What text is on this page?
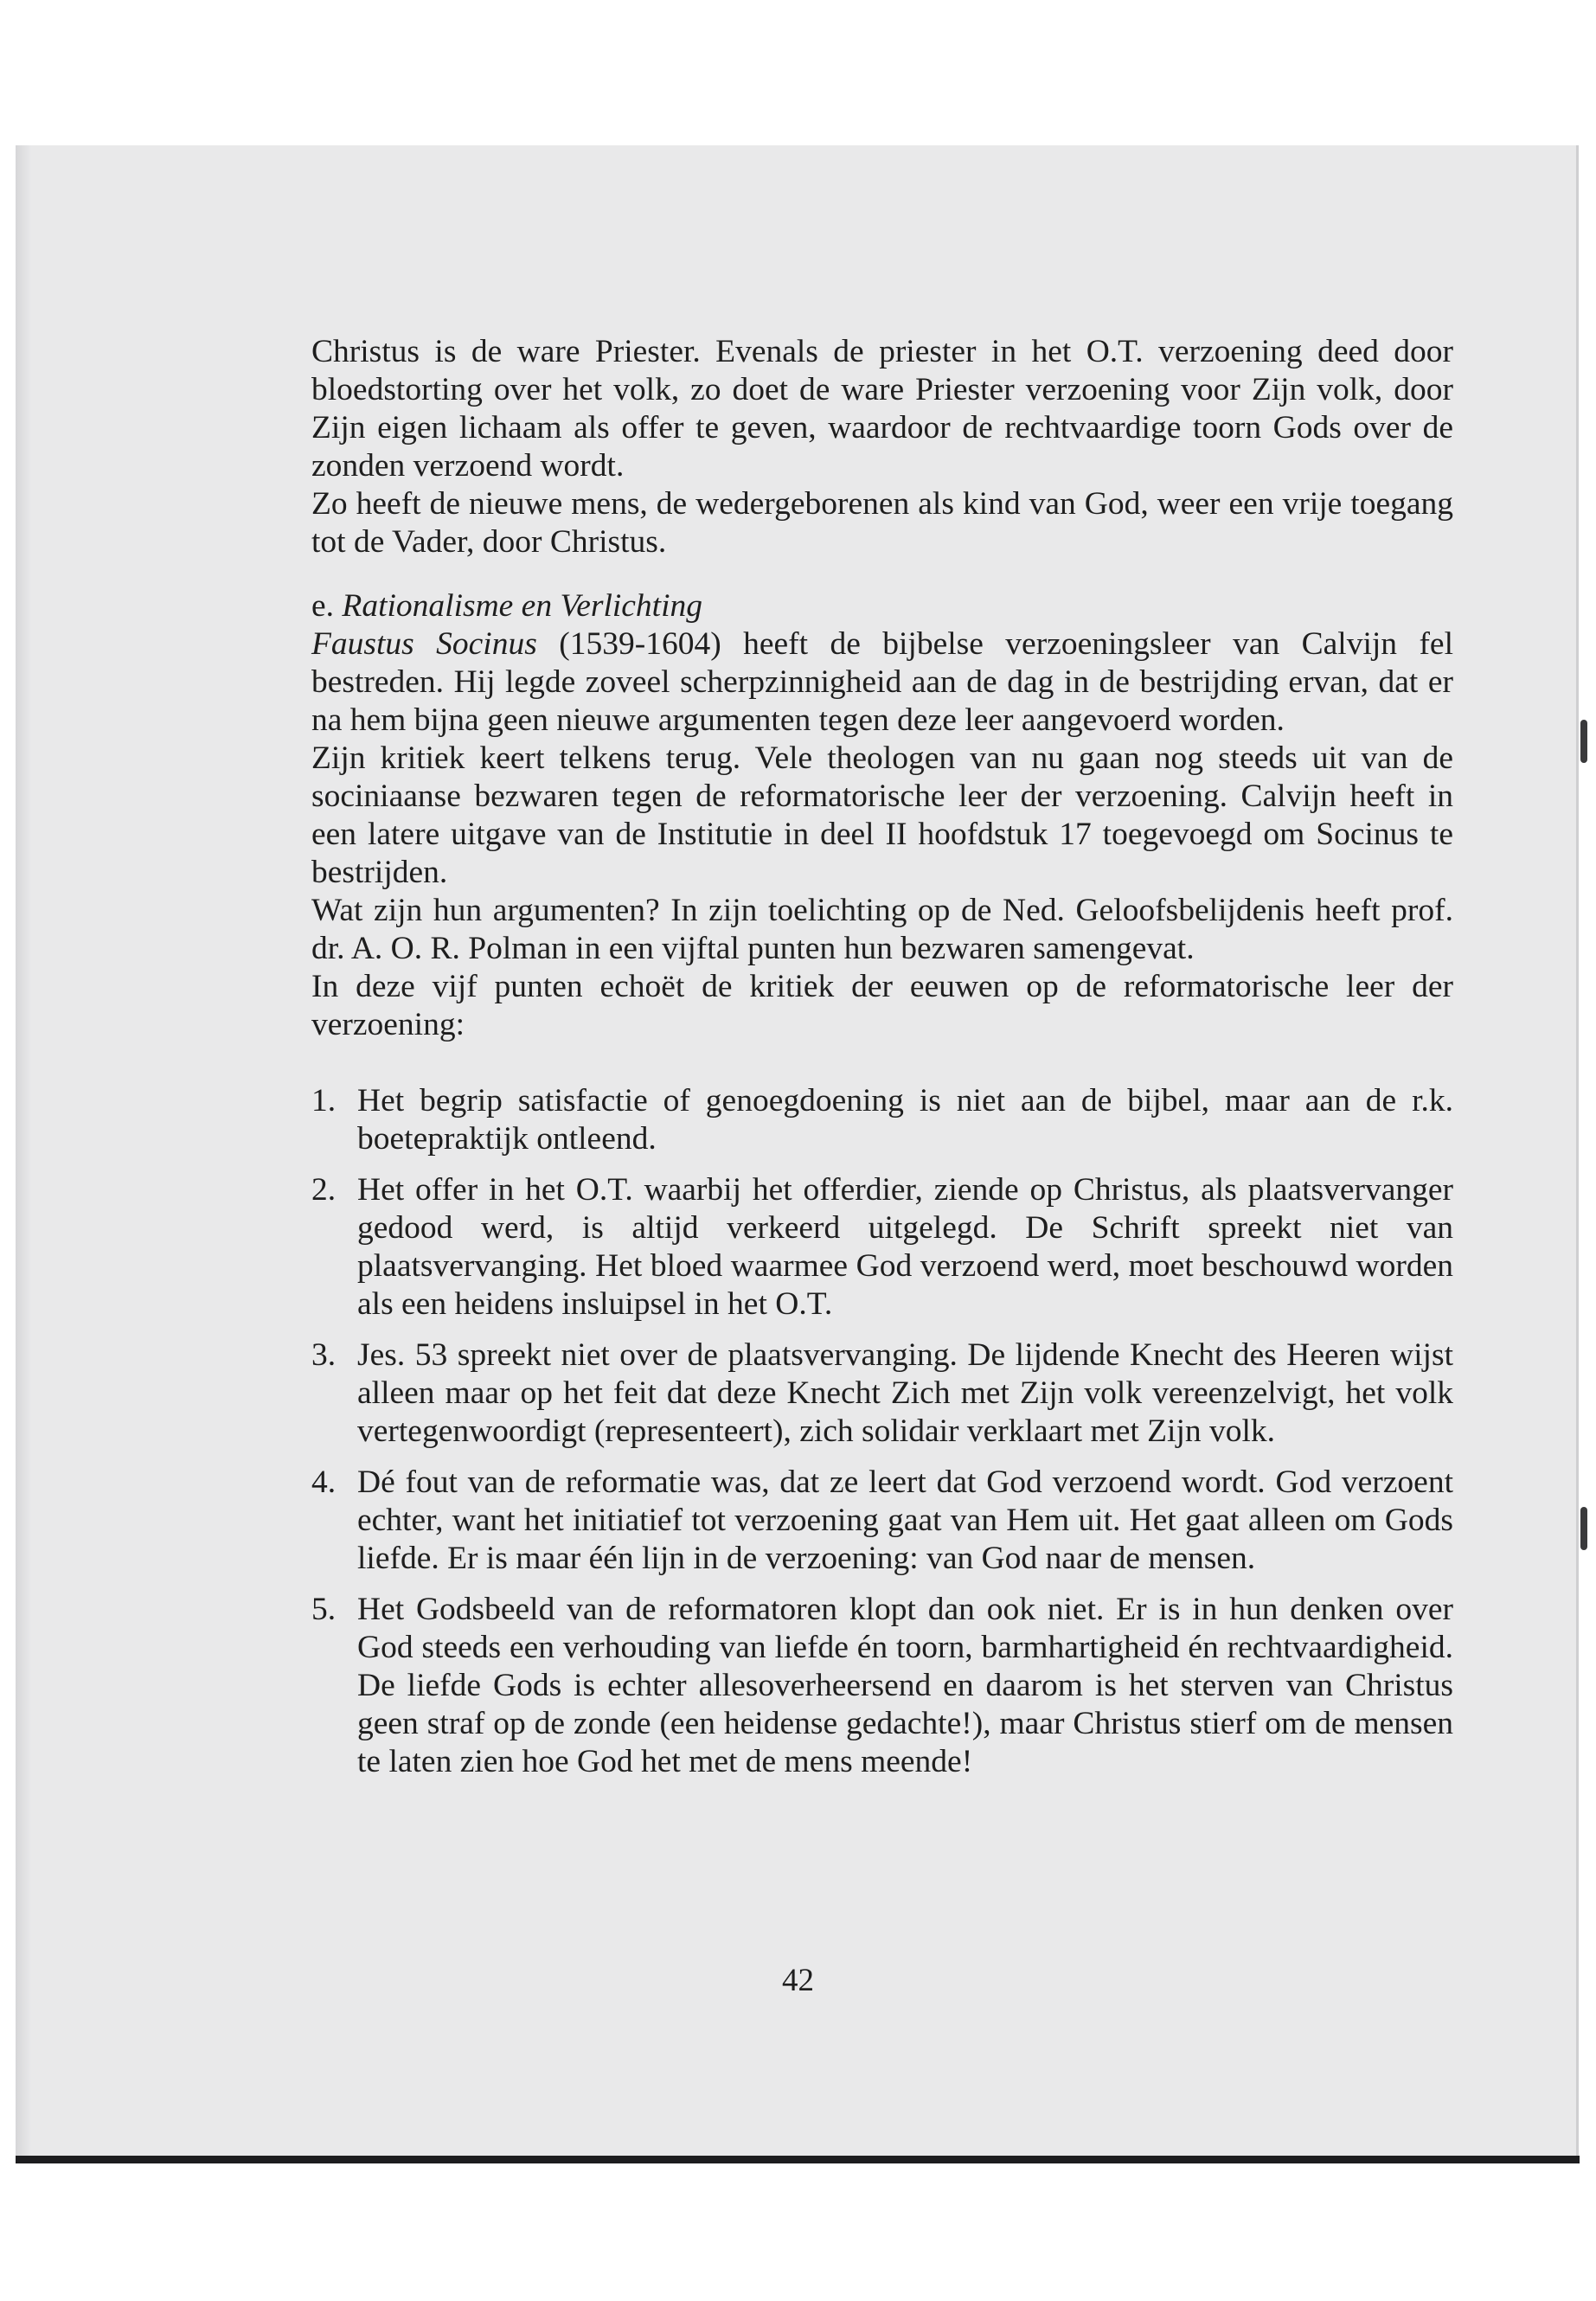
Christus is de ware Priester. Evenals de priester in het O.T. verzoening deed door bloedstorting over het volk, zo doet de ware Priester verzoening voor Zijn volk, door Zijn eigen lichaam als offer te geven, waardoor de rechtvaardige toorn Gods over de zonden verzoend wordt.

Zo heeft de nieuwe mens, de wedergeborenen als kind van God, weer een vrije toegang tot de Vader, door Christus.

e. Rationalisme en Verlichting

Faustus Socinus (1539-1604) heeft de bijbelse verzoeningsleer van Calvijn fel bestreden. Hij legde zoveel scherpzinnigheid aan de dag in de bestrijding ervan, dat er na hem bijna geen nieuwe argumenten tegen deze leer aangevoerd worden.

Zijn kritiek keert telkens terug. Vele theologen van nu gaan nog steeds uit van de sociniaanse bezwaren tegen de reformatorische leer der verzoening. Calvijn heeft in een latere uitgave van de Institutie in deel II hoofdstuk 17 toegevoegd om Socinus te bestrijden.

Wat zijn hun argumenten? In zijn toelichting op de Ned. Geloofsbelijdenis heeft prof. dr. A. O. R. Polman in een vijftal punten hun bezwaren samengevat.

In deze vijf punten echoët de kritiek der eeuwen op de reformatorische leer der verzoening:

1. Het begrip satisfactie of genoegdoening is niet aan de bijbel, maar aan de r.k. boetepraktijk ontleend.
2. Het offer in het O.T. waarbij het offerdier, ziende op Christus, als plaatsvervanger gedood werd, is altijd verkeerd uitgelegd. De Schrift spreekt niet van plaatsvervanging. Het bloed waarmee God verzoend werd, moet beschouwd worden als een heidens insluipsel in het O.T.
3. Jes. 53 spreekt niet over de plaatsvervanging. De lijdende Knecht des Heeren wijst alleen maar op het feit dat deze Knecht Zich met Zijn volk vereenzelvigt, het volk vertegenwoordigt (representeert), zich solidair verklaart met Zijn volk.
4. Dé fout van de reformatie was, dat ze leert dat God verzoend wordt. God verzoent echter, want het initiatief tot verzoening gaat van Hem uit. Het gaat alleen om Gods liefde. Er is maar één lijn in de verzoening: van God naar de mensen.
5. Het Godsbeeld van de reformatoren klopt dan ook niet. Er is in hun denken over God steeds een verhouding van liefde én toorn, barmhartigheid én rechtvaardigheid. De liefde Gods is echter allesoverheersend en daarom is het sterven van Christus geen straf op de zonde (een heidense gedachte!), maar Christus stierf om de mensen te laten zien hoe God het met de mens meende!
42
